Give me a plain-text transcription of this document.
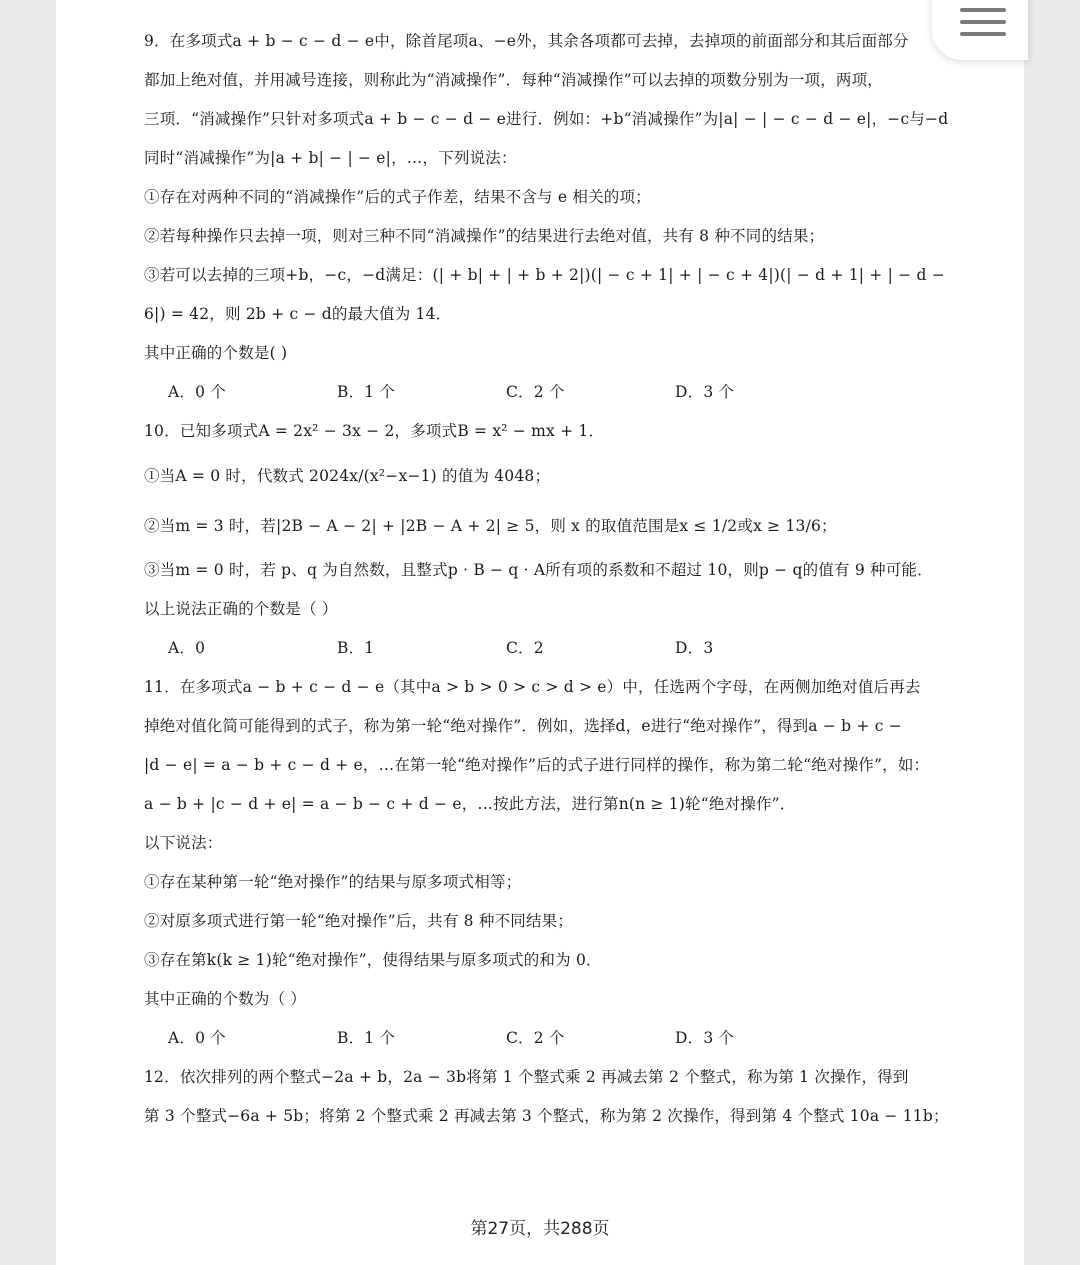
9．在多项式a + b − c − d − e中，除首尾项a、−e外，其余各项都可去掉，去掉项的前面部分和其后面部分
都加上绝对值，并用减号连接，则称此为“消减操作”．每种“消减操作”可以去掉的项数分别为一项，两项，
三项．“消减操作”只针对多项式a + b − c − d − e进行．例如：+b“消减操作”为|a| − | − c − d − e|，−c与−d
同时“消减操作”为|a + b| − | − e|，…，下列说法：
①存在对两种不同的“消减操作”后的式子作差，结果不含与 e 相关的项；
②若每种操作只去掉一项，则对三种不同“消减操作”的结果进行去绝对值，共有 8 种不同的结果；
③若可以去掉的三项+b，−c，−d满足：(| + b| + | + b + 2|)(| − c + 1| + | − c + 4|)(| − d + 1| + | − d −
6|) = 42，则 2b + c − d的最大值为 14．
其中正确的个数是( )
A．0 个	B．1 个	C．2 个	D．3 个
10．已知多项式A = 2x² − 3x − 2，多项式B = x² − mx + 1．
①当A = 0 时，代数式 2024x/(x²−x−1) 的值为 4048；
②当m = 3 时，若|2B − A − 2| + |2B − A + 2| ≥ 5，则 x 的取值范围是x ≤ 1/2或x ≥ 13/6；
③当m = 0 时，若 p、q 为自然数，且整式p · B − q · A所有项的系数和不超过 10，则p − q的值有 9 种可能．
以上说法正确的个数是（ ）
A．0	B．1	C．2	D．3
11．在多项式a − b + c − d − e（其中a > b > 0 > c > d > e）中，任选两个字母，在两侧加绝对值后再去
掉绝对值化简可能得到的式子，称为第一轮“绝对操作”．例如，选择d，e进行“绝对操作”，得到a − b + c −
|d − e| = a − b + c − d + e，…在第一轮“绝对操作”后的式子进行同样的操作，称为第二轮“绝对操作”，如：
a − b + |c − d + e| = a − b − c + d − e，…按此方法，进行第n(n ≥ 1)轮“绝对操作”．
以下说法：
①存在某种第一轮“绝对操作”的结果与原多项式相等；
②对原多项式进行第一轮“绝对操作”后，共有 8 种不同结果；
③存在第k(k ≥ 1)轮“绝对操作”，使得结果与原多项式的和为 0．
其中正确的个数为（ ）
A．0 个	B．1 个	C．2 个	D．3 个
12．依次排列的两个整式−2a + b，2a − 3b将第 1 个整式乘 2 再减去第 2 个整式，称为第 1 次操作，得到
第 3 个整式−6a + 5b；将第 2 个整式乘 2 再减去第 3 个整式，称为第 2 次操作，得到第 4 个整式 10a − 11b；
第27页，共288页
